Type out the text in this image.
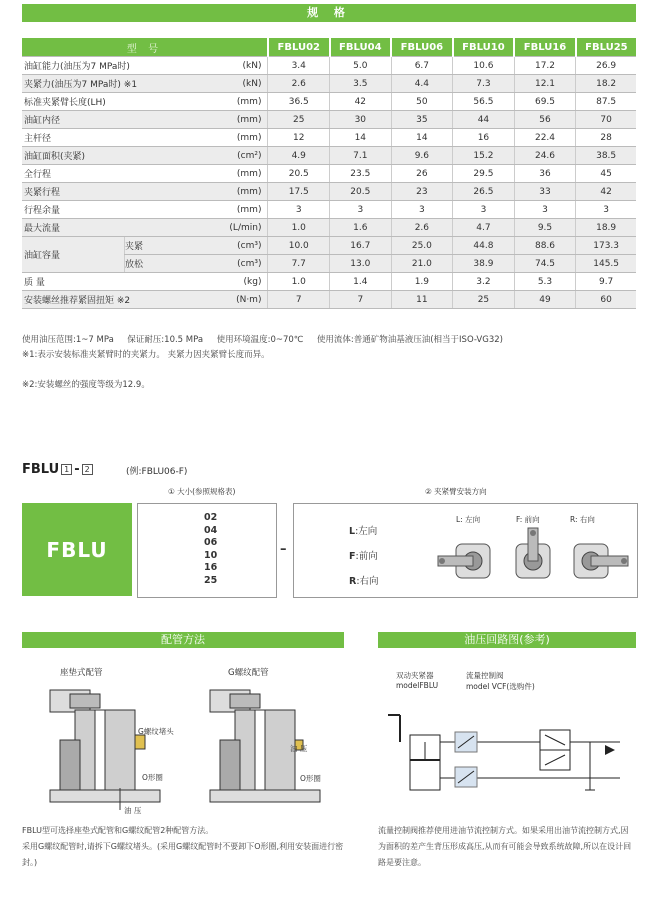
规 格
型 号			FBLU02	FBLU04	FBLU06	FBLU10	FBLU16	FBLU25
油缸能力(油压为7 MPa时)		(kN)	3.4	5.0	6.7	10.6	17.2	26.9
夹紧力(油压为7 MPa时) ※1		(kN)	2.6	3.5	4.4	7.3	12.1	18.2
标准夹紧臂长度(LH)		(mm)	36.5	42	50	56.5	69.5	87.5
油缸内径		(mm)	25	30	35	44	56	70
主杆径		(mm)	12	14	14	16	22.4	28
油缸面积(夹紧)		(cm²)	4.9	7.1	9.6	15.2	24.6	38.5
全行程		(mm)	20.5	23.5	26	29.5	36	45
夹紧行程		(mm)	17.5	20.5	23	26.5	33	42
行程余量		(mm)	3	3	3	3	3	3
最大流量		(L/min)	1.0	1.6	2.6	4.7	9.5	18.9
油缸容量	夹紧	(cm³)	10.0	16.7	25.0	44.8	88.6	173.3
	放松	(cm³)	7.7	13.0	21.0	38.9	74.5	145.5
质 量		(kg)	1.0	1.4	1.9	3.2	5.3	9.7
安装螺丝推荐紧固扭矩 ※2		(N·m)	7	7	11	25	49	60
使用油压范围:1~7 MPa     保证耐压:10.5 MPa     使用环境温度:0~70℃     使用流体:普通矿物油基液压油(相当于ISO-VG32)
※1:表示安装标准夹紧臂时的夹紧力。 夹紧力因夹紧臂长度而异。
※2:安装螺丝的强度等级为12.9。
FBLU 1 - 2	(例:FBLU06-F)
① 大小(参照规格表)	② 夹紧臂安装方向
FBLU
02
04
06
10
16
25
–
L:左向
F:前向
R:右向
L: 左向	F: 前向	R: 右向
配管方法
座垫式配管	G螺纹配管
G螺纹堵头
O形圈
油 压
油 压
O形圈
FBLU型可选择座垫式配管和G螺纹配管2种配管方法。
采用G螺纹配管时,请拆下G螺纹堵头。(采用G螺纹配管时不要卸下O形圈,利用安装面进行密封。)
油压回路图(参考)
双动夹紧器
modelFBLU
流量控制阀
model VCF(选购件)
流量控制阀推荐使用进油节流控制方式。如果采用出油节流控制方式,因为面积的差产生背压形成高压,从而有可能会导致系统故障,所以在设计回路是要注意。
